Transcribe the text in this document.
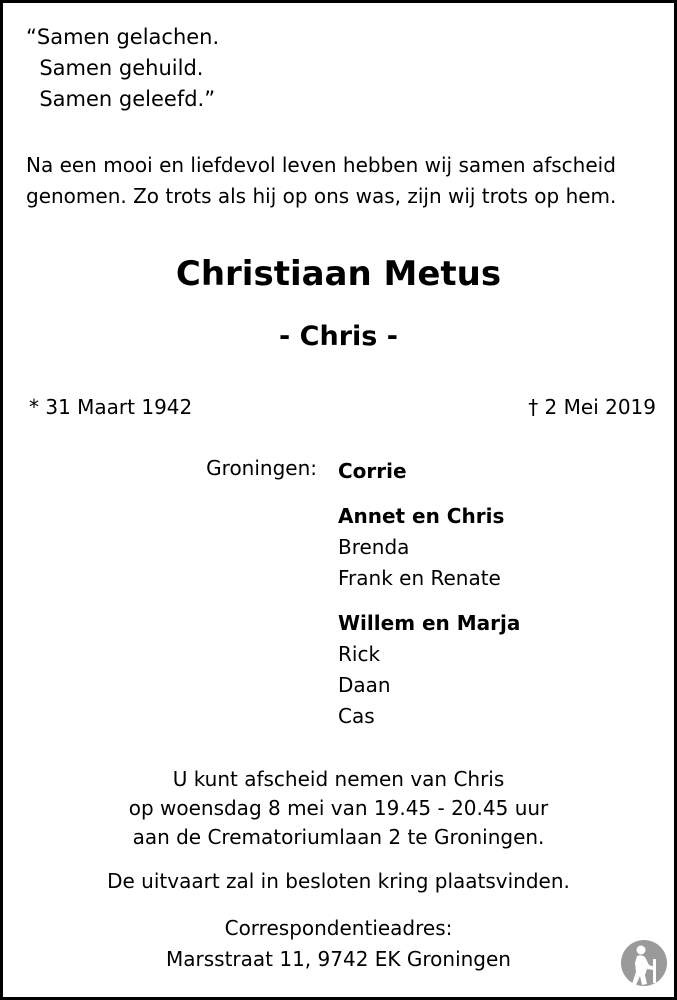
“Samen gelachen.
Samen gehuild.
Samen geleefd.”
Na een mooi en liefdevol leven hebben wij samen afscheid
genomen. Zo trots als hij op ons was, zijn wij trots op hem.
Christiaan Metus
- Chris -
* 31 Maart 1942	† 2 Mei 2019
Groningen: Corrie
Annet en Chris
Brenda
Frank en Renate
Willem en Marja
Rick
Daan
Cas
U kunt afscheid nemen van Chris
op woensdag 8 mei van 19.45 - 20.45 uur
aan de Crematoriumlaan 2 te Groningen.
De uitvaart zal in besloten kring plaatsvinden.
Correspondentieadres:
Marsstraat 11, 9742 EK Groningen
